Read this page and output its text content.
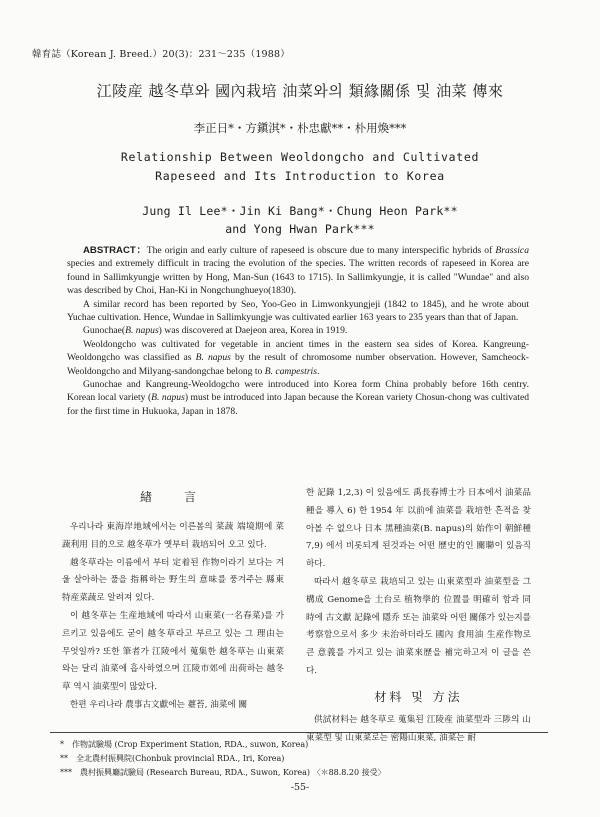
韓育誌（Korean J. Breed.）20(3)：231～235（1988）
江陵産 越冬草와 國內栽培 油菜와의 類緣關係 및 油菜 傳來
李正日*・方鎭淇*・朴忠獻**・朴用煥***
Relationship Between Weoldongcho and Cultivated
Rapeseed and Its Introduction to Korea
Jung Il Lee*・Jin Ki Bang*・Chung Heon Park**
and Yong Hwan Park***

ABSTRACT：The origin and early culture of rapeseed is obscure due to many interspecific hybrids of Brassica species and extremely difficult in tracing the evolution of the species. The written records of rapeseed in Korea are found in Sallimkyungje written by Hong, Man-Sun (1643 to 1715). In Sallimkyungje, it is called "Wundae" and also was described by Choi, Han-Ki in Nongchunghueyo(1830).

A similar record has been reported by Seo, Yoo-Geo in Limwonkyungjeji (1842 to 1845), and he wrote about Yuchae cultivation. Hence, Wundae in Sallimkyungje was cultivated earlier 163 years to 235 years than that of Japan.

Gunochae(B. napus) was discovered at Daejeon area, Korea in 1919.

Weoldongcho was cultivated for vegetable in ancient times in the eastern sea sides of Korea. Kangreung-Weoldongcho was classified as B. napus by the result of chromosome number observation. However, Samcheock-Weoldongcho and Milyang-sandongchae belong to B. campestris.

Gunochae and Kangreung-Weoldogcho were introduced into Korea form China probably before 16th centry. Korean local variety (B. napus) must be introduced into Japan because the Korean variety Chosun-chong was cultivated for the first time in Hukuoka, Japan in 1878.

緖　言

우리나라 東海岸地域에서는 이른봄의 菜蔬 端境期에 菜蔬利用 目的으로 越冬草가 옛부터 栽培되어 오고 있다.

越冬草라는 이름에서 부터 定着된 作物이라기 보다는 겨울 살아하는 풀을 指稱하는 野生의 意味를 풍겨주는 縣東 特産菜蔬로 알려져 있다.

이 越冬草는 生産地域에 따라서 山東菜(一名春菜)를 가르키고 있음에도 굳이 越冬草라고 부르고 있는 그 理由는 무엇일까? 또한 筆者가 江陵에서 蒐集한 越冬草는 山東菜와는 달리 油菜에 흡사하였으며 江陵市郊에 出荷하는 越冬草 역시 油菜型이 많았다.

한편 우리나라 農事古文獻에는 薹苔, 油菜에 關

한 記錄 1,2,3) 이 있음에도 禹長春博士가 日本에서 油菜品種을 導入 6) 한 1954 年 以前에 油菜를 栽培한 흔적을 찾아볼 수 없으나 日本 黑種油菜(B. napus)의 始作이 朝鮮種 7,9) 에서 비롯되게 된것과는 어떤 歷史的인 關聯이 있음직하다.

따라서 越冬草로 栽培되고 있는 山東菜型과 油菜型을 그 構成 Genome을 土台로 植物學的 位置를 明確히 함과 同時에 古文獻 記錄에 隱乔 또는 油菜와 어떤 關係가 있는지를 考察함으로서 多少 未治하더라도 國內 食用油 生産作物로 큰 意義를 가지고 있는 油菜來歷을 補完하고저 이 글을 쓴다.

材料 및 方法

供試材料는 越冬草로 蒐集된 江陵産 油菜型과 三陟의 山東菜型 및 山東菜로는 密陽山東菜, 油菜는 耐

*　作物試驗場 (Crop Experiment Station, RDA., suwon, Korea)
**　全北農村振興院(Chonbuk provincial RDA., Iri, Korea)
***　農村振興廳試驗局 (Research Bureau, RDA., Suwon, Korea) 〈＊88.8.20 接受〉
-55-
